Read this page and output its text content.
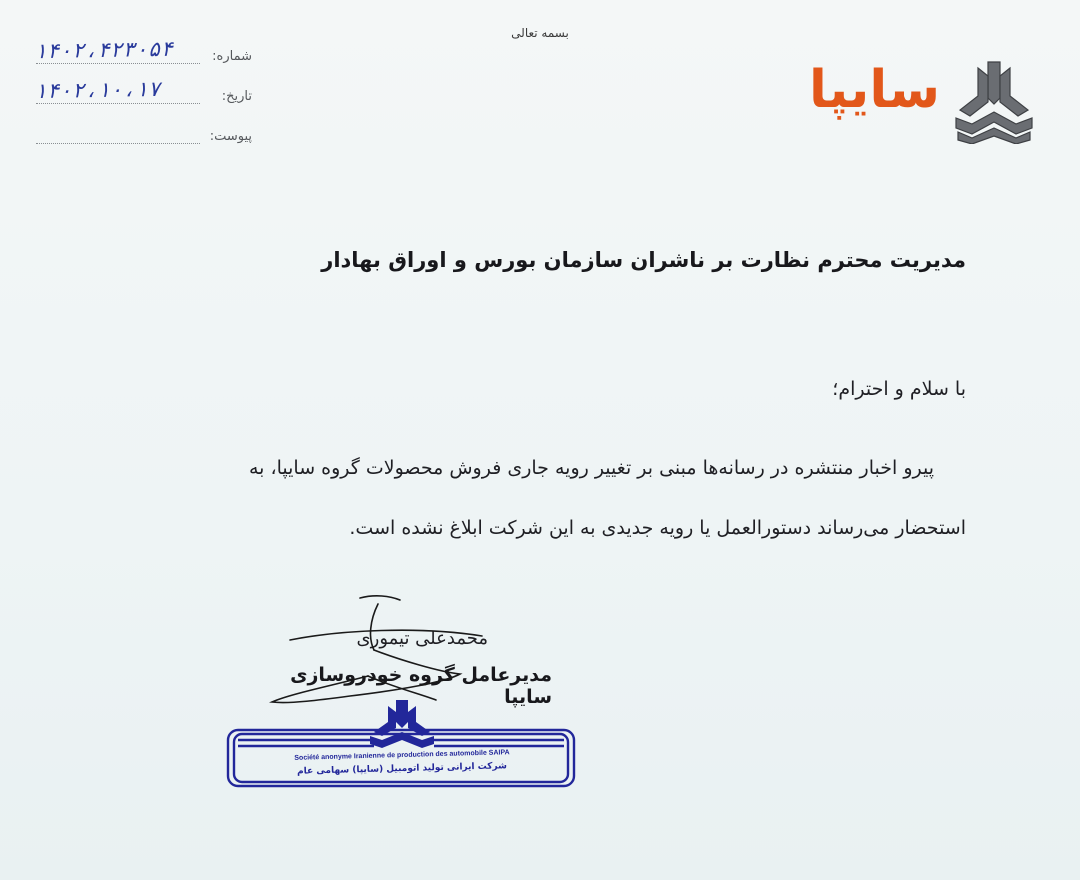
بسمه تعالی
۱۴۰۲،۴۲۳۰۵۴	شماره:
۱۴۰۲،۱۰،۱۷	تاریخ:
پیوست:
سایپا
مدیریت محترم نظارت بر ناشران سازمان بورس و اوراق بهادار
با سلام و احترام؛
پیرو اخبار منتشره در رسانه‌ها مبنی بر تغییر رویه جاری فروش محصولات گروه سایپا، به
استحضار می‌رساند دستورالعمل یا رویه جدیدی به این شرکت ابلاغ نشده است.
محمدعلی تیموری
مدیرعامل گروه خودروسازی سایپا
Société anonyme Iranienne de production des automobile SAIPA
شرکت ایرانی تولید اتومبیل (سایپا) سهامی عام
